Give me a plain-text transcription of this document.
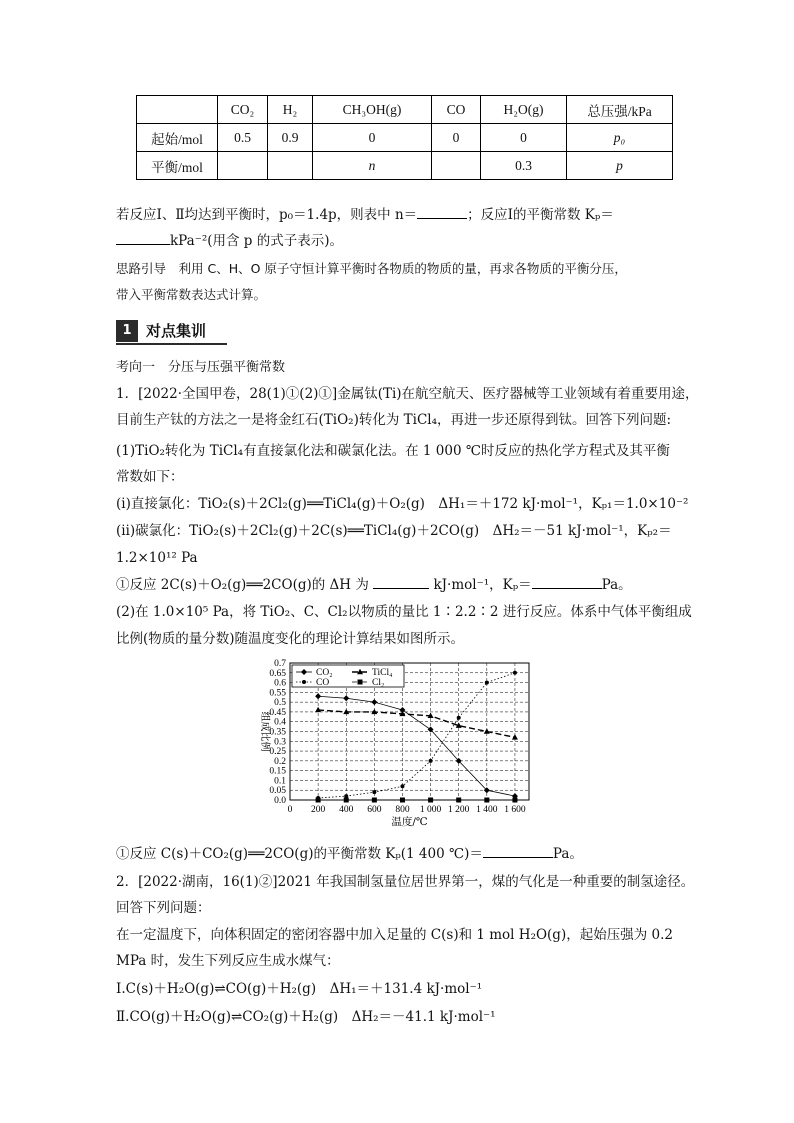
	CO₂	H₂	CH₃OH(g)	CO	H₂O(g)	总压强/kPa
起始/mol	0.5	0.9	0	0	0	p₀
平衡/mol			n		0.3	p
若反应Ⅰ、Ⅱ均达到平衡时，p₀＝1.4p，则表中 n＝	；反应Ⅰ的平衡常数 Kₚ＝
kPa⁻²(用含 p 的式子表示)。
思路引导　利用 C、H、O 原子守恒计算平衡时各物质的物质的量，再求各物质的平衡分压，
带入平衡常数表达式计算。
1 对点集训
考向一　分压与压强平衡常数
1．[2022·全国甲卷，28(1)①(2)①]金属钛(Ti)在航空航天、医疗器械等工业领域有着重要用途，
目前生产钛的方法之一是将金红石(TiO₂)转化为 TiCl₄，再进一步还原得到钛。回答下列问题:
(1)TiO₂转化为 TiCl₄有直接氯化法和碳氯化法。在 1 000 ℃时反应的热化学方程式及其平衡
常数如下：
(ⅰ)直接氯化：TiO₂(s)＋2Cl₂(g)══TiCl₄(g)＋O₂(g)　ΔH₁＝＋172 kJ·mol⁻¹，Kₚ₁＝1.0×10⁻²
(ⅱ)碳氯化：TiO₂(s)＋2Cl₂(g)＋2C(s)══TiCl₄(g)＋2CO(g)　ΔH₂＝－51 kJ·mol⁻¹，Kₚ₂＝
1.2×10¹² Pa
①反应 2C(s)＋O₂(g)══2CO(g)的 ΔH 为	kJ·mol⁻¹，Kₚ＝	Pa。
(2)在 1.0×10⁵ Pa，将 TiO₂、C、Cl₂以物质的量比 1∶2.2∶2 进行反应。体系中气体平衡组成
比例(物质的量分数)随温度变化的理论计算结果如图所示。
0.0
0.05
0.1
0.15
0.2
0.25
0.3
0.35
0.4
0.45
0.5
0.55
0.6
0.65
0.7
0 200 400 600 800 1 000 1 200 1 400 1 600
温度/℃
组成比例
CO₂	TiCl₄
CO	Cl₂
①反应 C(s)＋CO₂(g)══2CO(g)的平衡常数 Kₚ(1 400 ℃)＝	Pa。
2．[2022·湖南，16(1)②]2021 年我国制氢量位居世界第一，煤的气化是一种重要的制氢途径。
回答下列问题：
在一定温度下，向体积固定的密闭容器中加入足量的 C(s)和 1 mol H₂O(g)，起始压强为 0.2
MPa 时，发生下列反应生成水煤气：
Ⅰ.C(s)＋H₂O(g)⇌CO(g)＋H₂(g)　ΔH₁＝＋131.4 kJ·mol⁻¹
Ⅱ.CO(g)＋H₂O(g)⇌CO₂(g)＋H₂(g)　ΔH₂＝－41.1 kJ·mol⁻¹
